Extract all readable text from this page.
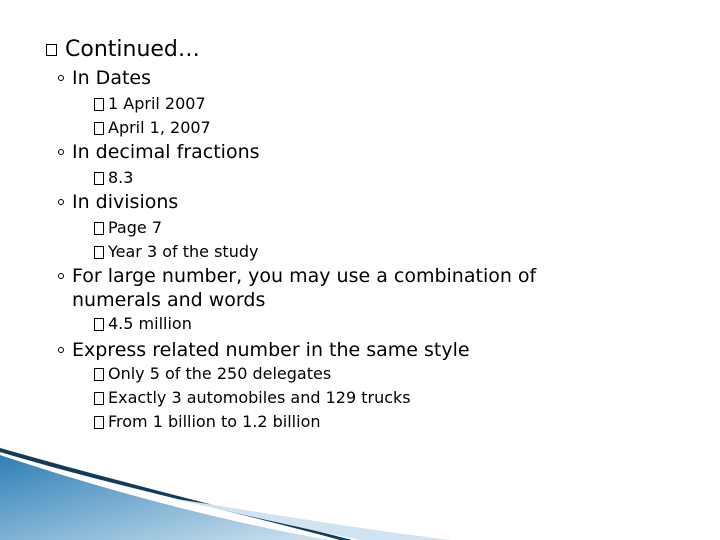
Continued…
In Dates
1 April 2007
April 1, 2007
In decimal fractions
8.3
In divisions
Page 7
Year 3 of the study
For large number, you may use a combination of
numerals and words
4.5 million
Express related number in the same style
Only 5 of the 250 delegates
Exactly 3 automobiles and 129 trucks
From 1 billion to 1.2 billion
